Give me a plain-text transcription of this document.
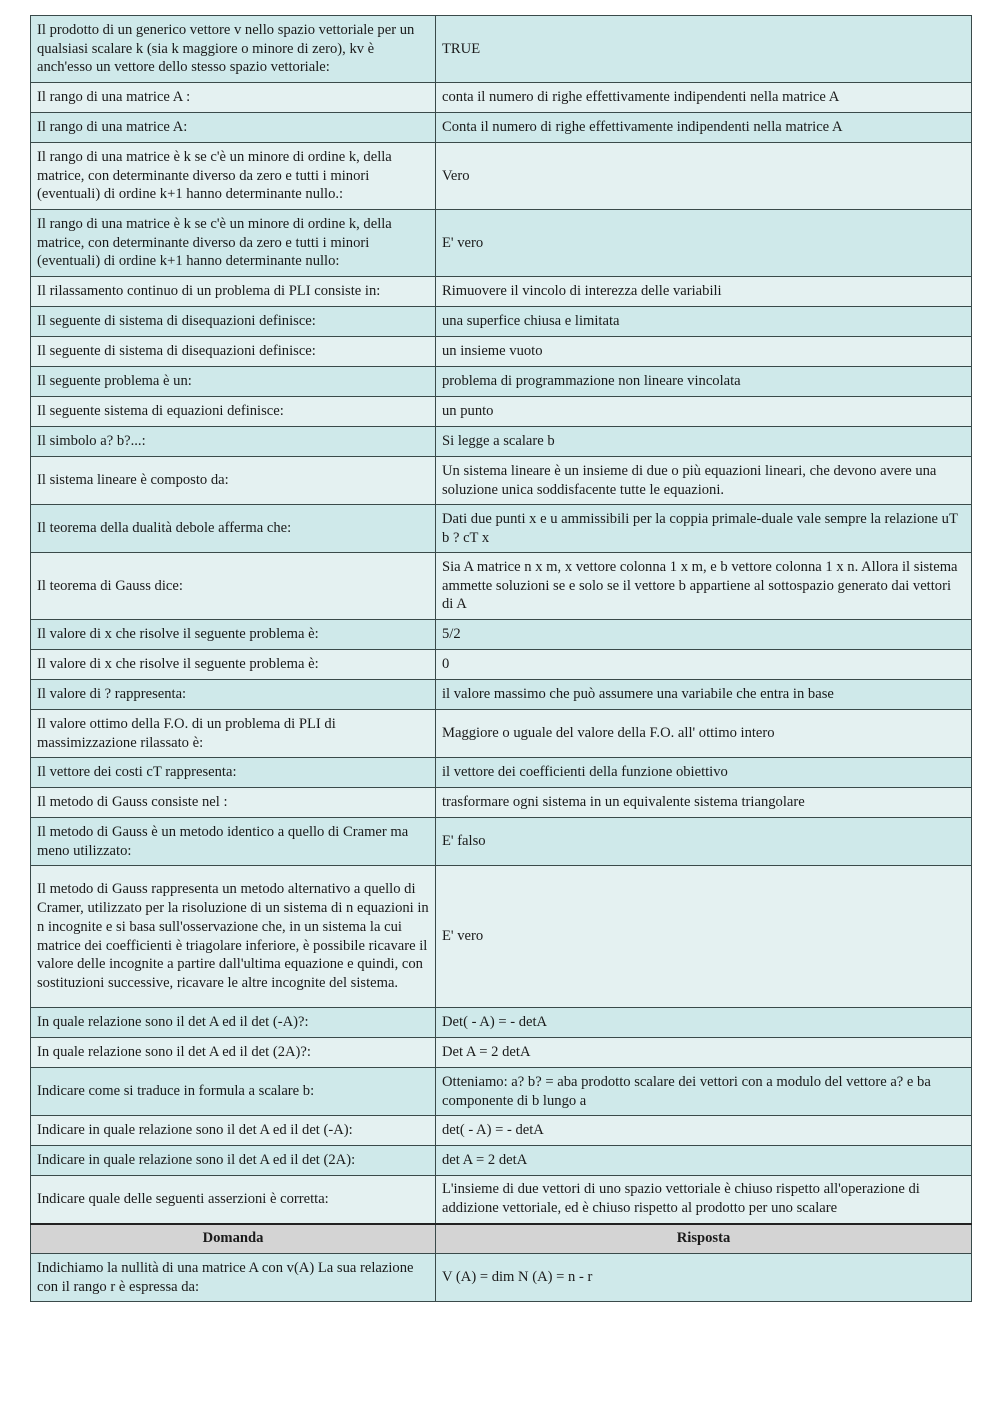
Il prodotto di un generico vettore v nello spazio vettoriale per un qualsiasi scalare k (sia k maggiore o minore di zero), kv è anch'esso un vettore dello stesso spazio vettoriale:	TRUE
Il rango di una matrice A :	conta il numero di righe effettivamente indipendenti nella matrice A
Il rango di una matrice A:	Conta il numero di righe effettivamente indipendenti nella matrice A
Il rango di una matrice è k se c'è un minore di ordine k, della matrice, con determinante diverso da zero e tutti i minori (eventuali) di ordine k+1 hanno determinante nullo.:	Vero
Il rango di una matrice è k se c'è un minore di ordine k, della matrice, con determinante diverso da zero e tutti i minori (eventuali) di ordine k+1 hanno determinante nullo:	E' vero
Il rilassamento continuo di un problema di PLI consiste in:	Rimuovere il vincolo di interezza delle variabili
Il seguente di sistema di disequazioni definisce:	una superfice chiusa e limitata
Il seguente di sistema di disequazioni definisce:	un insieme vuoto
Il seguente problema è un:	problema di programmazione non lineare vincolata
Il seguente sistema di equazioni definisce:	un punto
Il simbolo a? b?...:	Si legge a scalare b
Il sistema lineare è composto da:	Un sistema lineare è un insieme di due o più equazioni lineari, che devono avere una soluzione unica soddisfacente tutte le equazioni.
Il teorema della dualità debole afferma che:	Dati due punti x e u ammissibili per la coppia primale-duale vale sempre la relazione uT b ? cT x
Il teorema di Gauss dice:	Sia A matrice n x m, x vettore colonna 1 x m, e b vettore colonna 1 x n. Allora il sistema ammette soluzioni se e solo se il vettore b appartiene al sottospazio generato dai vettori di A
Il valore di x che risolve il seguente problema è:	5/2
Il valore di x che risolve il seguente problema è:	0
Il valore di ? rappresenta:	il valore massimo che può assumere una variabile che entra in base
Il valore ottimo della F.O. di un problema di PLI di massimizzazione rilassato è:	Maggiore o uguale del valore della F.O. all' ottimo intero
Il vettore dei costi cT rappresenta:	il vettore dei coefficienti della funzione obiettivo
Il metodo di Gauss consiste nel :	trasformare ogni sistema in un equivalente sistema triangolare
Il metodo di Gauss è un metodo identico a quello di Cramer ma meno utilizzato:	E' falso
Il metodo di Gauss rappresenta un metodo alternativo a quello di Cramer, utilizzato per la risoluzione di un sistema di n equazioni in n incognite e si basa sull'osservazione che, in un sistema la cui matrice dei coefficienti è triagolare inferiore, è possibile ricavare il valore delle incognite a partire dall'ultima equazione e quindi, con sostituzioni successive, ricavare le altre incognite del sistema.	E' vero
In quale relazione sono il det A ed il det (-A)?:	Det( - A) = - detA
In quale relazione sono il det A ed il det (2A)?:	Det A = 2 detA
Indicare come si traduce in formula a scalare b:	Otteniamo: a? b? = aba prodotto scalare dei vettori con a modulo del vettore a? e ba componente di b lungo a
Indicare in quale relazione sono il det A ed il det (-A):	det( - A) = - detA
Indicare in quale relazione sono il det A ed il det (2A):	det A = 2 detA
Indicare quale delle seguenti asserzioni è corretta:	L'insieme di due vettori di uno spazio vettoriale è chiuso rispetto all'operazione di addizione vettoriale, ed è chiuso rispetto al prodotto per uno scalare
Domanda	Risposta
Indichiamo la nullità di una matrice A con v(A) La sua relazione con il rango r è espressa da:	V (A) = dim N (A) = n - r
